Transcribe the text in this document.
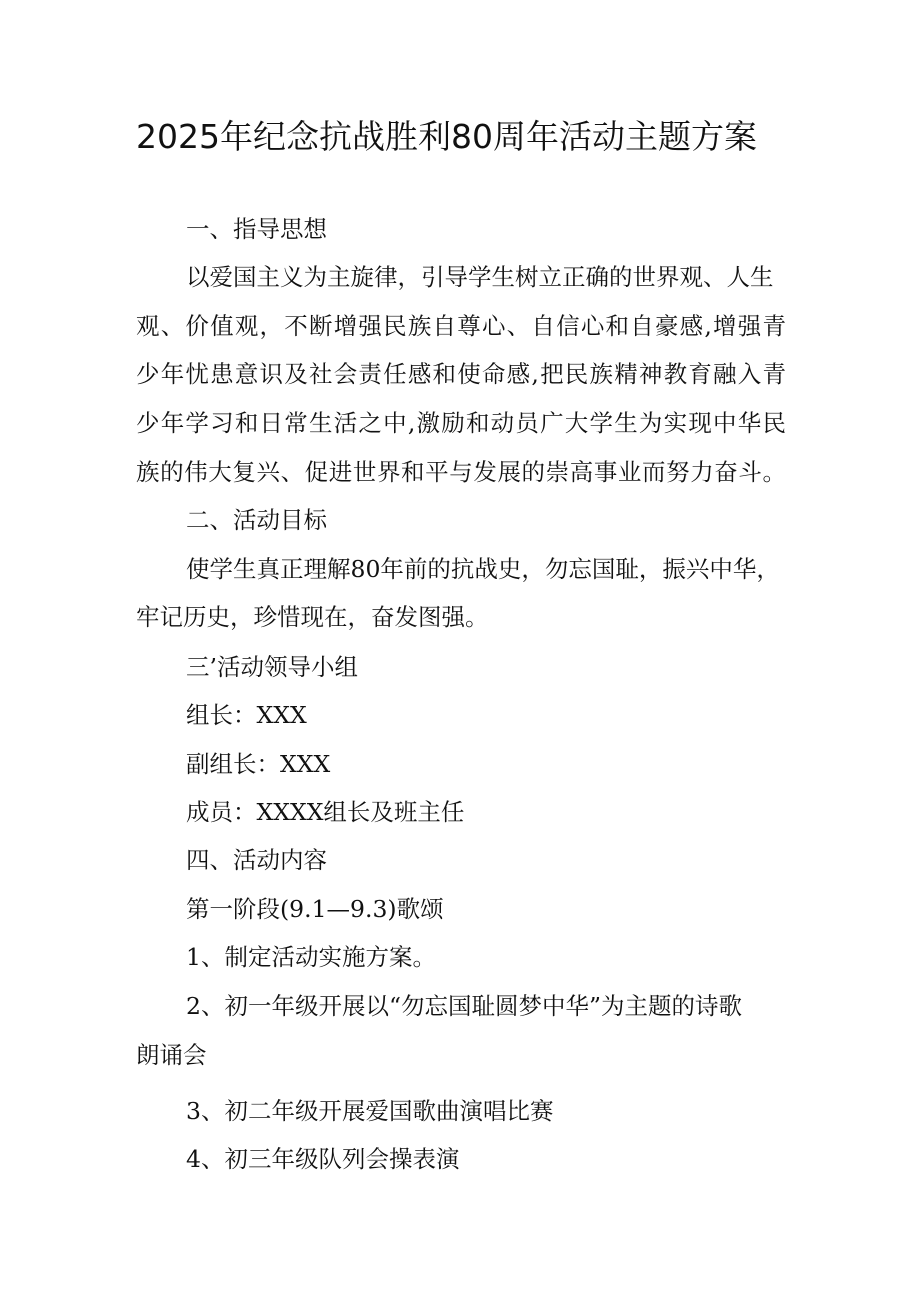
2025年纪念抗战胜利80周年活动主题方案
一、指导思想
以爱国主义为主旋律，引导学生树立正确的世界观、人生
观、价值观，不断增强民族自尊心、自信心和自豪感,增强青
少年忧患意识及社会责任感和使命感,把民族精神教育融入青
少年学习和日常生活之中,激励和动员广大学生为实现中华民
族的伟大复兴、促进世界和平与发展的崇高事业而努力奋斗。
二、活动目标
使学生真正理解80年前的抗战史，勿忘国耻，振兴中华，
牢记历史，珍惜现在，奋发图强。
三’活动领导小组
组长：XXX
副组长：XXX
成员：XXXX组长及班主任
四、活动内容
第一阶段(9.1—9.3)歌颂
1、制定活动实施方案。
2、初一年级开展以“勿忘国耻圆梦中华”为主题的诗歌
朗诵会
3、初二年级开展爱国歌曲演唱比赛
4、初三年级队列会操表演
